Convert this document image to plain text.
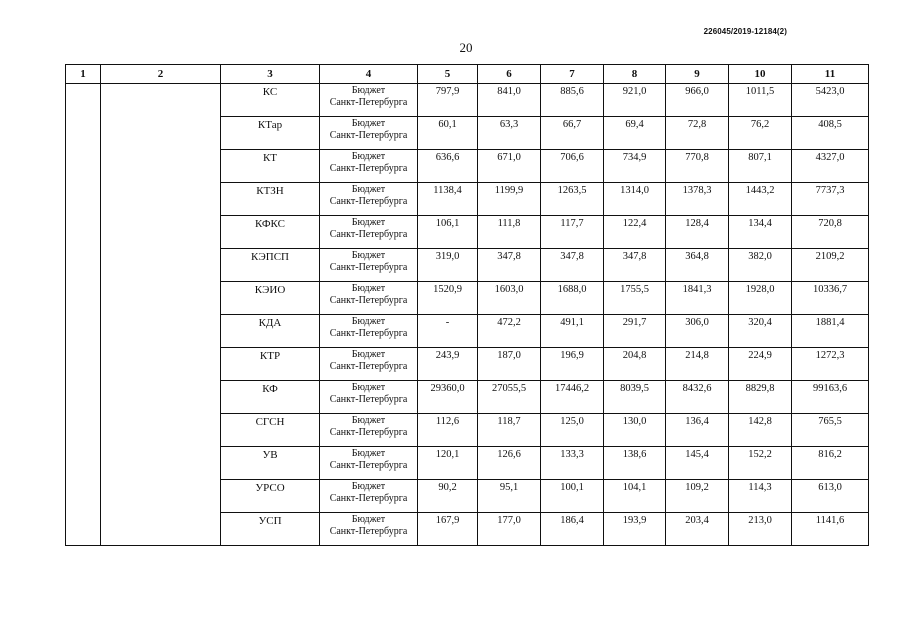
226045/2019-12184(2)
20
1	2	3	4	5	6	7	8	9	10	11
		КС	Бюджет
Санкт-Петербурга	797,9	841,0	885,6	921,0	966,0	1011,5	5423,0
		КТар	Бюджет
Санкт-Петербурга	60,1	63,3	66,7	69,4	72,8	76,2	408,5
		КТ	Бюджет
Санкт-Петербурга	636,6	671,0	706,6	734,9	770,8	807,1	4327,0
		КТЗН	Бюджет
Санкт-Петербурга	1138,4	1199,9	1263,5	1314,0	1378,3	1443,2	7737,3
		КФКС	Бюджет
Санкт-Петербурга	106,1	111,8	117,7	122,4	128,4	134,4	720,8
		КЭПСП	Бюджет
Санкт-Петербурга	319,0	347,8	347,8	347,8	364,8	382,0	2109,2
		КЭИО	Бюджет
Санкт-Петербурга	1520,9	1603,0	1688,0	1755,5	1841,3	1928,0	10336,7
		КДА	Бюджет
Санкт-Петербурга	-	472,2	491,1	291,7	306,0	320,4	1881,4
		КТР	Бюджет
Санкт-Петербурга	243,9	187,0	196,9	204,8	214,8	224,9	1272,3
		КФ	Бюджет
Санкт-Петербурга	29360,0	27055,5	17446,2	8039,5	8432,6	8829,8	99163,6
		СГСН	Бюджет
Санкт-Петербурга	112,6	118,7	125,0	130,0	136,4	142,8	765,5
		УВ	Бюджет
Санкт-Петербурга	120,1	126,6	133,3	138,6	145,4	152,2	816,2
		УРСО	Бюджет
Санкт-Петербурга	90,2	95,1	100,1	104,1	109,2	114,3	613,0
		УСП	Бюджет
Санкт-Петербурга	167,9	177,0	186,4	193,9	203,4	213,0	1141,6
